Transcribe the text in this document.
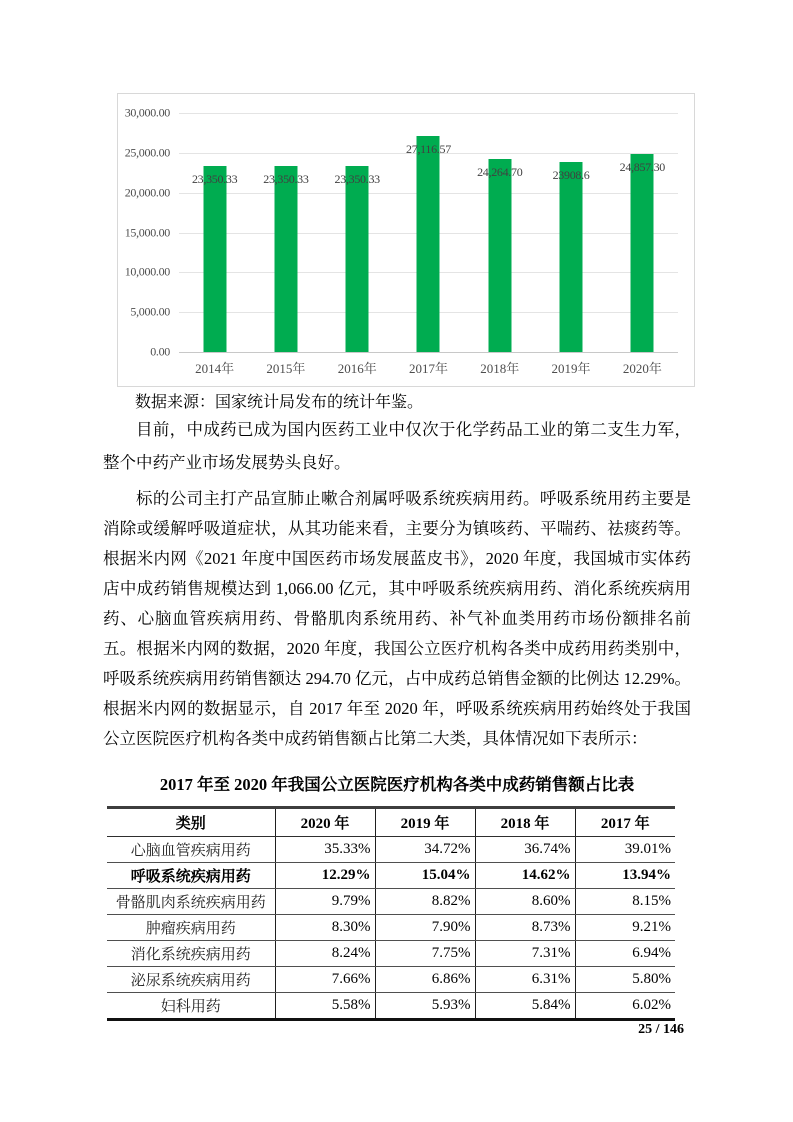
0.00
5,000.00
10,000.00
15,000.00
20,000.00
25,000.00
30,000.00
23,350.33 23,350.33 23,350.33
27,116.57
24,264.70	23908.6
24,857.30
2014年	2015年	2016年	2017年	2018年	2019年	2020年
数据来源：国家统计局发布的统计年鉴。
目前，中成药已成为国内医药工业中仅次于化学药品工业的第二支生力军，整个中药产业市场发展势头良好。
标的公司主打产品宣肺止嗽合剂属呼吸系统疾病用药。呼吸系统用药主要是消除或缓解呼吸道症状，从其功能来看，主要分为镇咳药、平喘药、祛痰药等。根据米内网《2021 年度中国医药市场发展蓝皮书》，2020 年度，我国城市实体药店中成药销售规模达到 1,066.00 亿元，其中呼吸系统疾病用药、消化系统疾病用药、心脑血管疾病用药、骨骼肌肉系统用药、补气补血类用药市场份额排名前五。根据米内网的数据，2020 年度，我国公立医疗机构各类中成药用药类别中，呼吸系统疾病用药销售额达 294.70 亿元，占中成药总销售金额的比例达 12.29%。根据米内网的数据显示，自 2017 年至 2020 年，呼吸系统疾病用药始终处于我国公立医院医疗机构各类中成药销售额占比第二大类，具体情况如下表所示：
2017 年至 2020 年我国公立医院医疗机构各类中成药销售额占比表
类别	2020 年	2019 年	2018 年	2017 年
心脑血管疾病用药	35.33%	34.72%	36.74%	39.01%
呼吸系统疾病用药	12.29%	15.04%	14.62%	13.94%
骨骼肌肉系统疾病用药	9.79%	8.82%	8.60%	8.15%
肿瘤疾病用药	8.30%	7.90%	8.73%	9.21%
消化系统疾病用药	8.24%	7.75%	7.31%	6.94%
泌尿系统疾病用药	7.66%	6.86%	6.31%	5.80%
妇科用药	5.58%	5.93%	5.84%	6.02%
25 / 146
